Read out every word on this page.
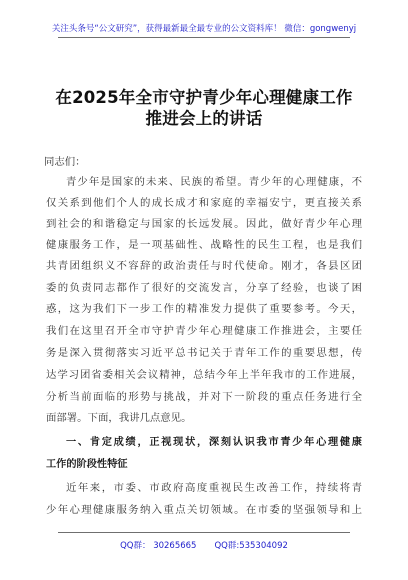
关注头条号“公文研究”，获得最新最全最专业的公文资料库！ 微信：gongwenyj
在2025年全市守护青少年心理健康工作
推进会上的讲话
同志们：
青少年是国家的未来、民族的希望。青少年的心理健康，不
仅关系到他们个人的成长成才和家庭的幸福安宁，更直接关系
到社会的和谐稳定与国家的长远发展。因此，做好青少年心理
健康服务工作，是一项基础性、战略性的民生工程，也是我们
共青团组织义不容辞的政治责任与时代使命。刚才，各县区团
委的负责同志都作了很好的交流发言，分享了经验，也谈了困
惑，这为我们下一步工作的精准发力提供了重要参考。今天，
我们在这里召开全市守护青少年心理健康工作推进会，主要任
务是深入贯彻落实习近平总书记关于青年工作的重要思想，传
达学习团省委相关会议精神，总结今年上半年我市的工作进展，
分析当前面临的形势与挑战，并对下一阶段的重点任务进行全
面部署。下面，我讲几点意见。
一、肯定成绩，正视现状，深刻认识我市青少年心理健康
工作的阶段性特征
近年来，市委、市政府高度重视民生改善工作，持续将青
少年心理健康服务纳入重点关切领域。在市委的坚强领导和上
QQ群： 30265665 QQ群:535304092
